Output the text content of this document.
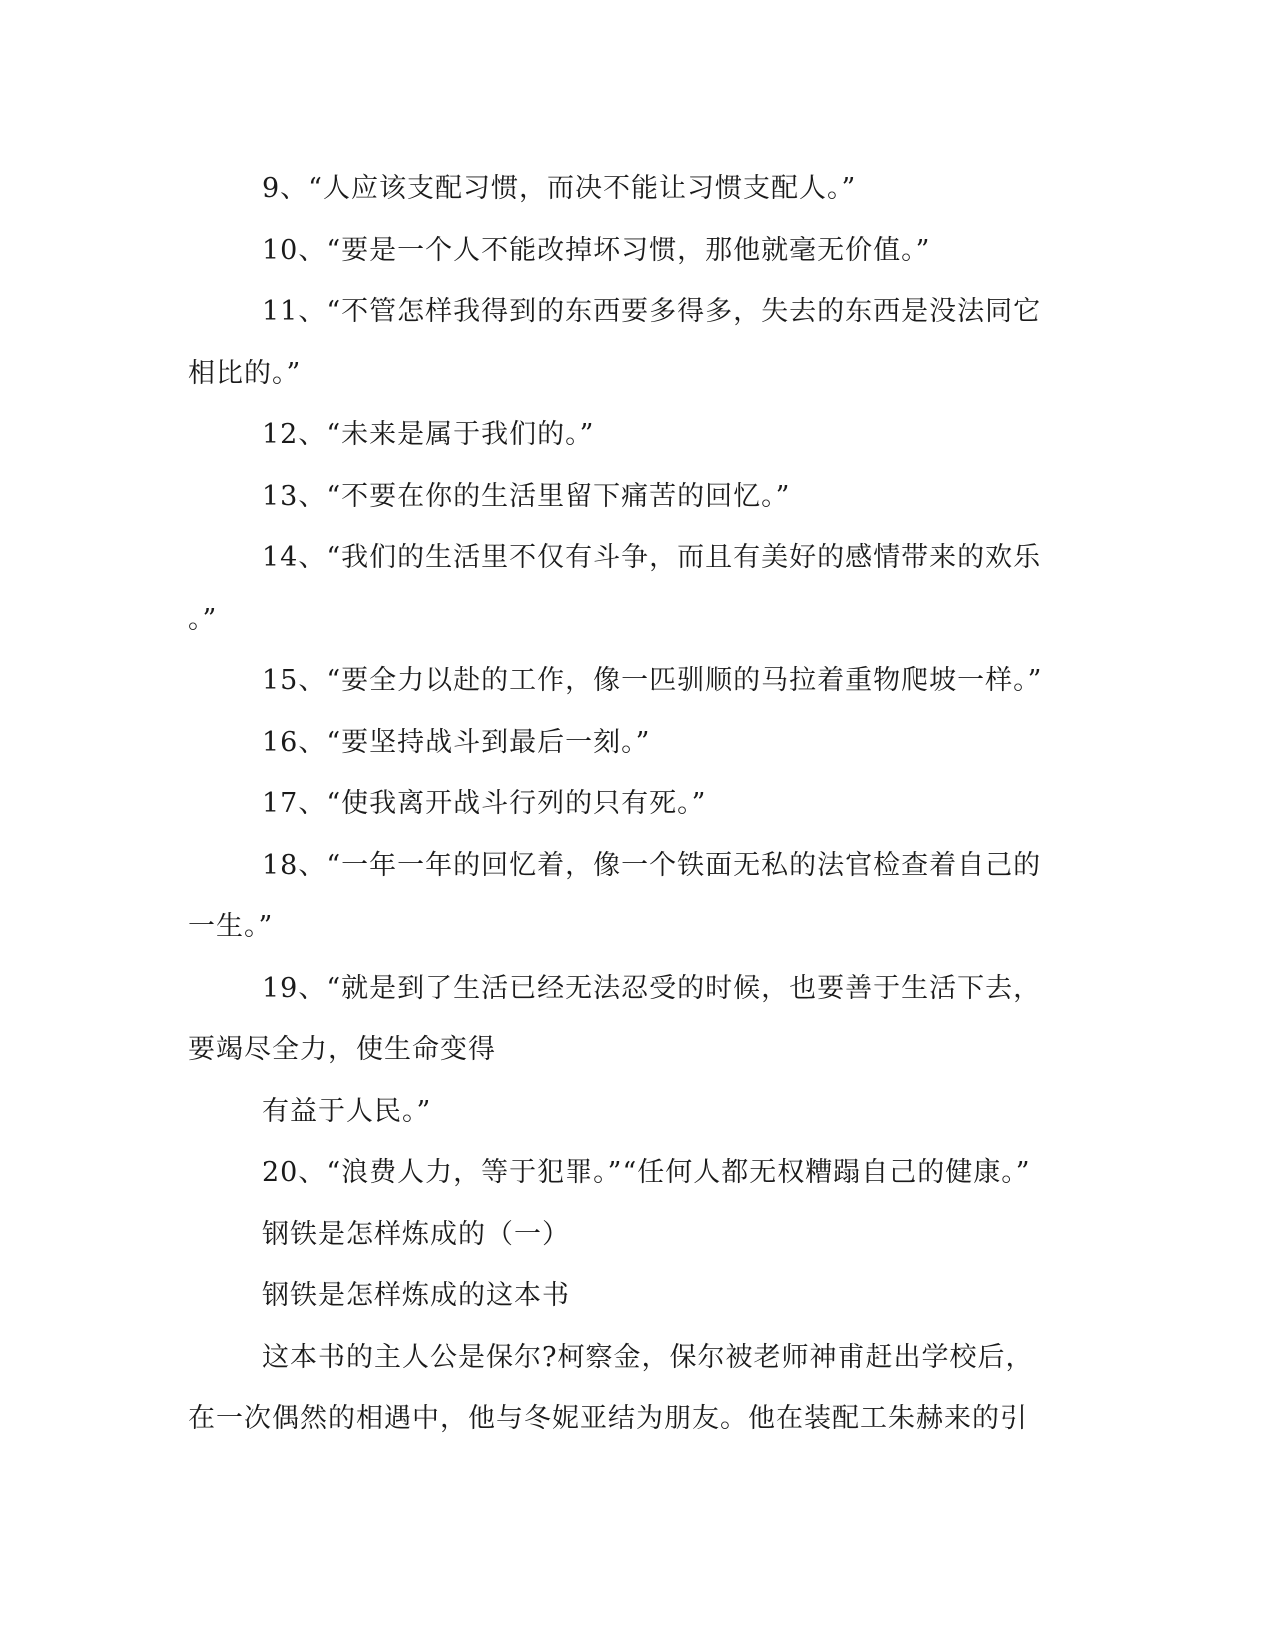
9、“人应该支配习惯，而决不能让习惯支配人。”
10、“要是一个人不能改掉坏习惯，那他就毫无价值。”
11、“不管怎样我得到的东西要多得多，失去的东西是没法同它
相比的。”
12、“未来是属于我们的。”
13、“不要在你的生活里留下痛苦的回忆。”
14、“我们的生活里不仅有斗争，而且有美好的感情带来的欢乐
。”
15、“要全力以赴的工作，像一匹驯顺的马拉着重物爬坡一样。”
16、“要坚持战斗到最后一刻。”
17、“使我离开战斗行列的只有死。”
18、“一年一年的回忆着，像一个铁面无私的法官检查着自己的
一生。”
19、“就是到了生活已经无法忍受的时候，也要善于生活下去，
要竭尽全力，使生命变得
有益于人民。”
20、“浪费人力，等于犯罪。”“任何人都无权糟蹋自己的健康。”
钢铁是怎样炼成的（一）
钢铁是怎样炼成的这本书
这本书的主人公是保尔?柯察金，保尔被老师神甫赶出学校后，
在一次偶然的相遇中，他与冬妮亚结为朋友。他在装配工朱赫来的引
